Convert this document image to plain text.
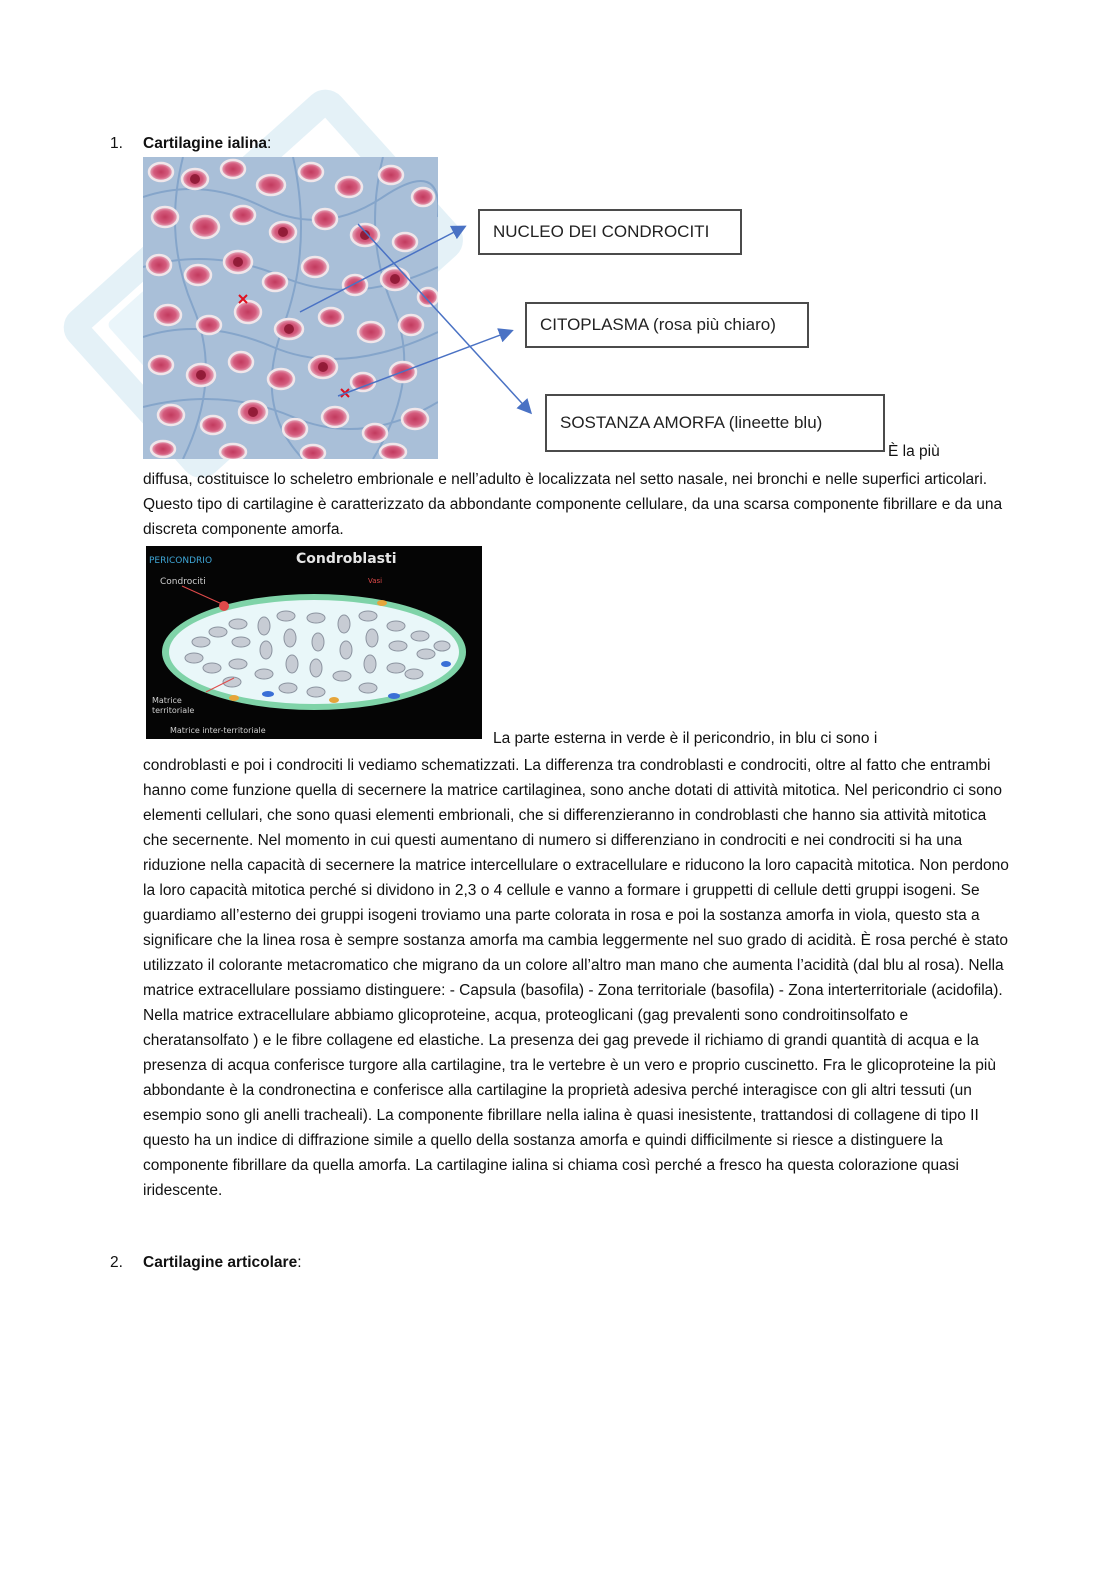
1. Cartilagine ialina:
NUCLEO DEI CONDROCITI
CITOPLASMA (rosa più chiaro)
SOSTANZA AMORFA (lineette blu)
È la più

diffusa, costituisce lo scheletro embrionale e nell’adulto è localizzata nel setto nasale, nei bronchi e nelle superfici articolari. Questo tipo di cartilagine è caratterizzato da abbondante componente cellulare, da una scarsa componente fibrillare e da una discreta componente amorfa.

PERICONDRIO	Condroblasti
Condrociti	Vasi
Matrice territoriale
Matrice inter-territoriale	La parte esterna in verde è il pericondrio, in blu ci sono i

condroblasti e poi i condrociti li vediamo schematizzati. La differenza tra condroblasti e condrociti, oltre al fatto che entrambi hanno come funzione quella di secernere la matrice cartilaginea, sono anche dotati di attività mitotica. Nel pericondrio ci sono elementi cellulari, che sono quasi elementi embrionali, che si differenzieranno in condroblasti che hanno sia attività mitotica che secernente. Nel momento in cui questi aumentano di numero si differenziano in condrociti e nei condrociti si ha una riduzione nella capacità di secernere la matrice intercellulare o extracellulare e riducono la loro capacità mitotica. Non perdono la loro capacità mitotica perché si dividono in 2,3 o 4 cellule e vanno a formare i gruppetti di cellule detti gruppi isogeni. Se guardiamo all’esterno dei gruppi isogeni troviamo una parte colorata in rosa e poi la sostanza amorfa in viola, questo sta a significare che la linea rosa è sempre sostanza amorfa ma cambia leggermente nel suo grado di acidità. È rosa perché è stato utilizzato il colorante metacromatico che migrano da un colore all’altro man mano che aumenta l’acidità (dal blu al rosa). Nella matrice extracellulare possiamo distinguere: - Capsula (basofila) - Zona territoriale (basofila) - Zona interterritoriale (acidofila). Nella matrice extracellulare abbiamo glicoproteine, acqua, proteoglicani (gag prevalenti sono condroitinsolfato e cheratansolfato ) e le fibre collagene ed elastiche. La presenza dei gag prevede il richiamo di grandi quantità di acqua e la presenza di acqua conferisce turgore alla cartilagine, tra le vertebre è un vero e proprio cuscinetto. Fra le glicoproteine la più abbondante è la condronectina e conferisce alla cartilagine la proprietà adesiva perché interagisce con gli altri tessuti (un esempio sono gli anelli tracheali). La componente fibrillare nella ialina è quasi inesistente, trattandosi di collagene di tipo II questo ha un indice di diffrazione simile a quello della sostanza amorfa e quindi difficilmente si riesce a distinguere la componente fibrillare da quella amorfa. La cartilagine ialina si chiama così perché a fresco ha questa colorazione quasi iridescente.

2. Cartilagine articolare:
